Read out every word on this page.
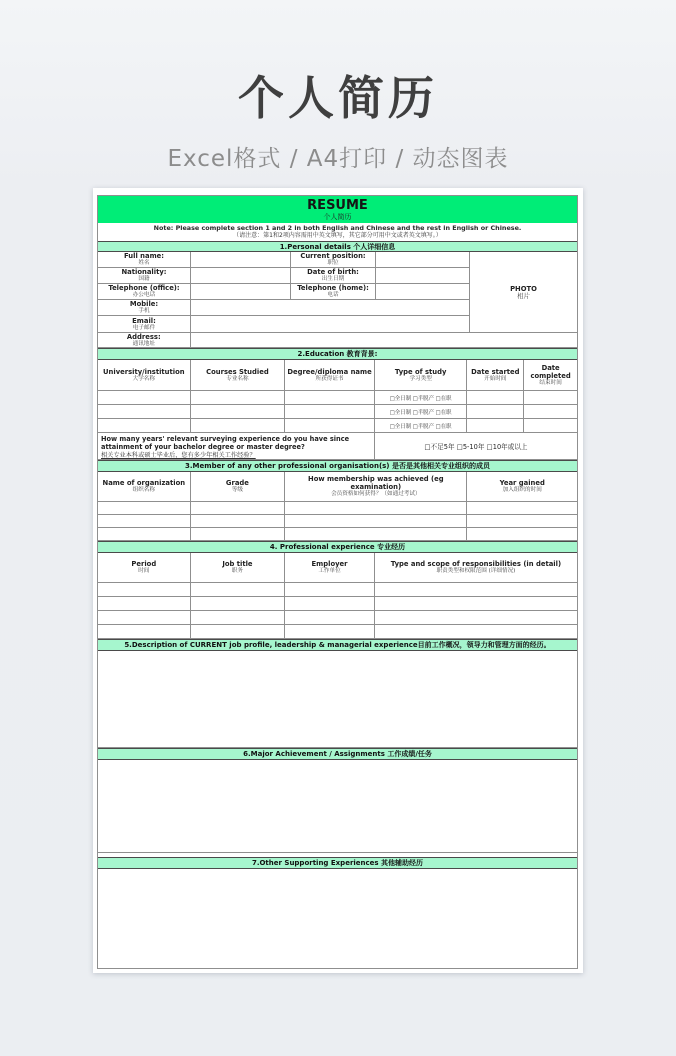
个人简历
Excel格式 / A4打印 / 动态图表
RESUME
个人简历
Note: Please complete section 1 and 2 in both English and Chinese and the rest in English or Chinese.
（请注意：第1和2项内容需用中英文填写，其它部分可用中文或者英文填写。）
1.Personal details 个人详细信息
Full name:
姓名
Current position:
职位
Nationality:
国籍
Date of birth:
出生日期
Telephone (office):
办公电话
Telephone (home):
电话
Mobile:
手机
Email:
电子邮件
PHOTO
相片
Address:
通讯地址
2.Education 教育背景:
University/institution
大学名称
Courses Studied
专业名称
Degree/diploma name
所获得证书
Type of study
学习类型
Date started
开始时间
Date completed
结束时间
□全日制 □半脱产 □在职
□全日制 □半脱产 □在职
□全日制 □半脱产 □在职
How many years' relevant surveying experience do you have since attainment of your bachelor degree or master degree?
相关专业本科或硕士毕业后，您有多少年相关工作经验？
□不足5年 □5-10年 □10年或以上
3.Member of any other professional organisation(s) 是否是其他相关专业组织的成员
Name of organization
组织名称
Grade
等级
How membership was achieved (eg examination)
会员资格如何获得？（如通过考试）
Year gained
加入组织的时间
4. Professional experience 专业经历
Period
时间
Job title
职务
Employer
工作单位
Type and scope of responsibilities (in detail)
职责类型和权限范围 (详细情况)
5.Description of CURRENT job profile, leadership & managerial experience目前工作概况，领导力和管理方面的经历。
6.Major Achievement / Assignments 工作成绩/任务
7.Other Supporting Experiences 其他辅助经历
